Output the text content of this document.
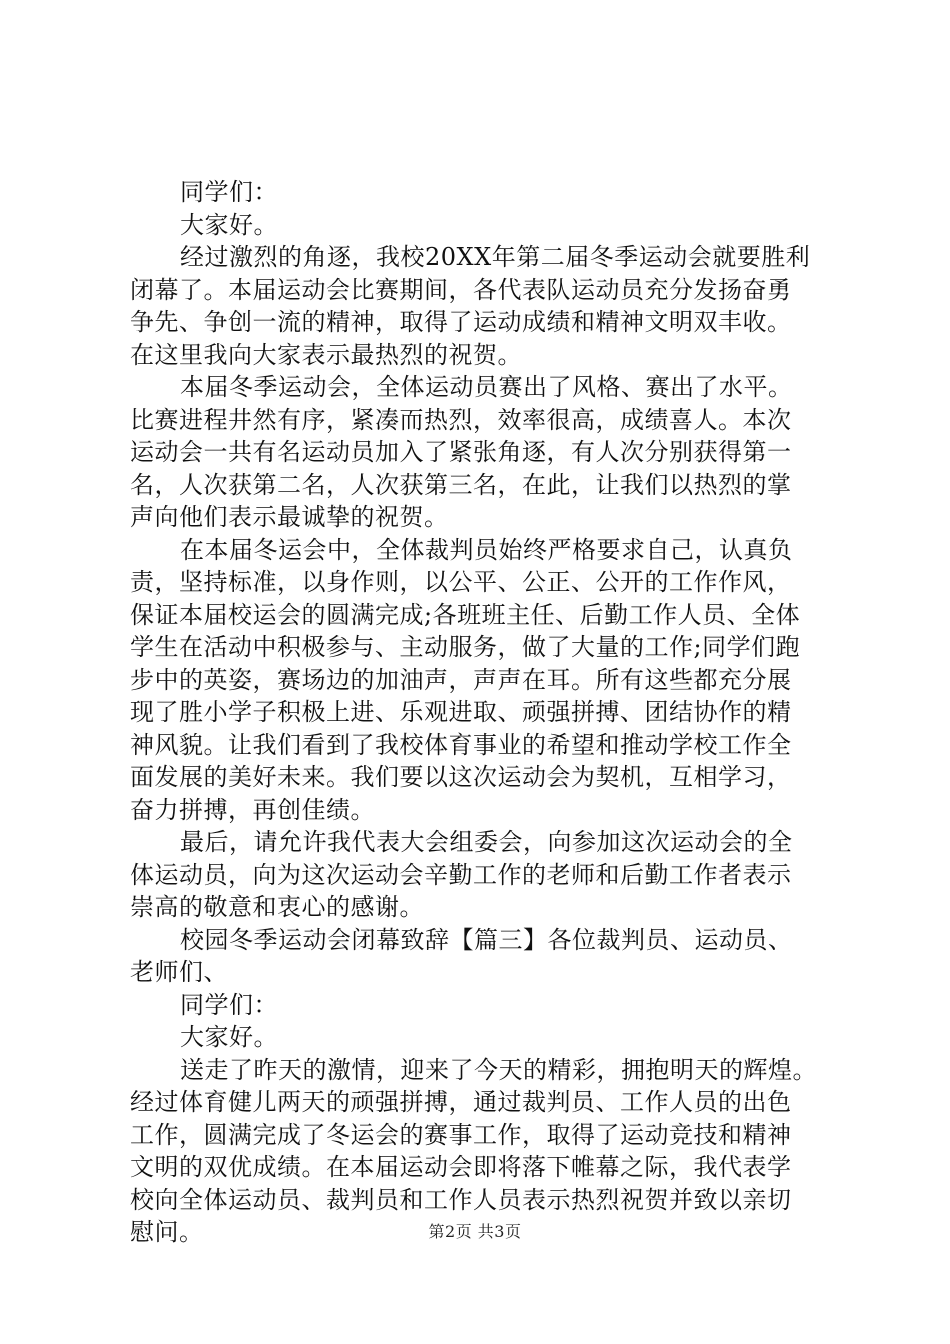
同学们：
大家好。
经过激烈的角逐，我校20XX年第二届冬季运动会就要胜利
闭幕了。本届运动会比赛期间，各代表队运动员充分发扬奋勇
争先、争创一流的精神，取得了运动成绩和精神文明双丰收。
在这里我向大家表示最热烈的祝贺。
本届冬季运动会，全体运动员赛出了风格、赛出了水平。
比赛进程井然有序，紧凑而热烈，效率很高，成绩喜人。本次
运动会一共有名运动员加入了紧张角逐，有人次分别获得第一
名，人次获第二名，人次获第三名，在此，让我们以热烈的掌
声向他们表示最诚挚的祝贺。
在本届冬运会中，全体裁判员始终严格要求自己，认真负
责，坚持标准，以身作则，以公平、公正、公开的工作作风，
保证本届校运会的圆满完成;各班班主任、后勤工作人员、全体
学生在活动中积极参与、主动服务，做了大量的工作;同学们跑
步中的英姿，赛场边的加油声，声声在耳。所有这些都充分展
现了胜小学子积极上进、乐观进取、顽强拼搏、团结协作的精
神风貌。让我们看到了我校体育事业的希望和推动学校工作全
面发展的美好未来。我们要以这次运动会为契机，互相学习，
奋力拼搏，再创佳绩。
最后，请允许我代表大会组委会，向参加这次运动会的全
体运动员，向为这次运动会辛勤工作的老师和后勤工作者表示
崇高的敬意和衷心的感谢。
校园冬季运动会闭幕致辞【篇三】各位裁判员、运动员、
老师们、
同学们：
大家好。
送走了昨天的激情，迎来了今天的精彩，拥抱明天的辉煌。
经过体育健儿两天的顽强拼搏，通过裁判员、工作人员的出色
工作，圆满完成了冬运会的赛事工作，取得了运动竞技和精神
文明的双优成绩。在本届运动会即将落下帷幕之际，我代表学
校向全体运动员、裁判员和工作人员表示热烈祝贺并致以亲切
慰问。	第2页 共3页
